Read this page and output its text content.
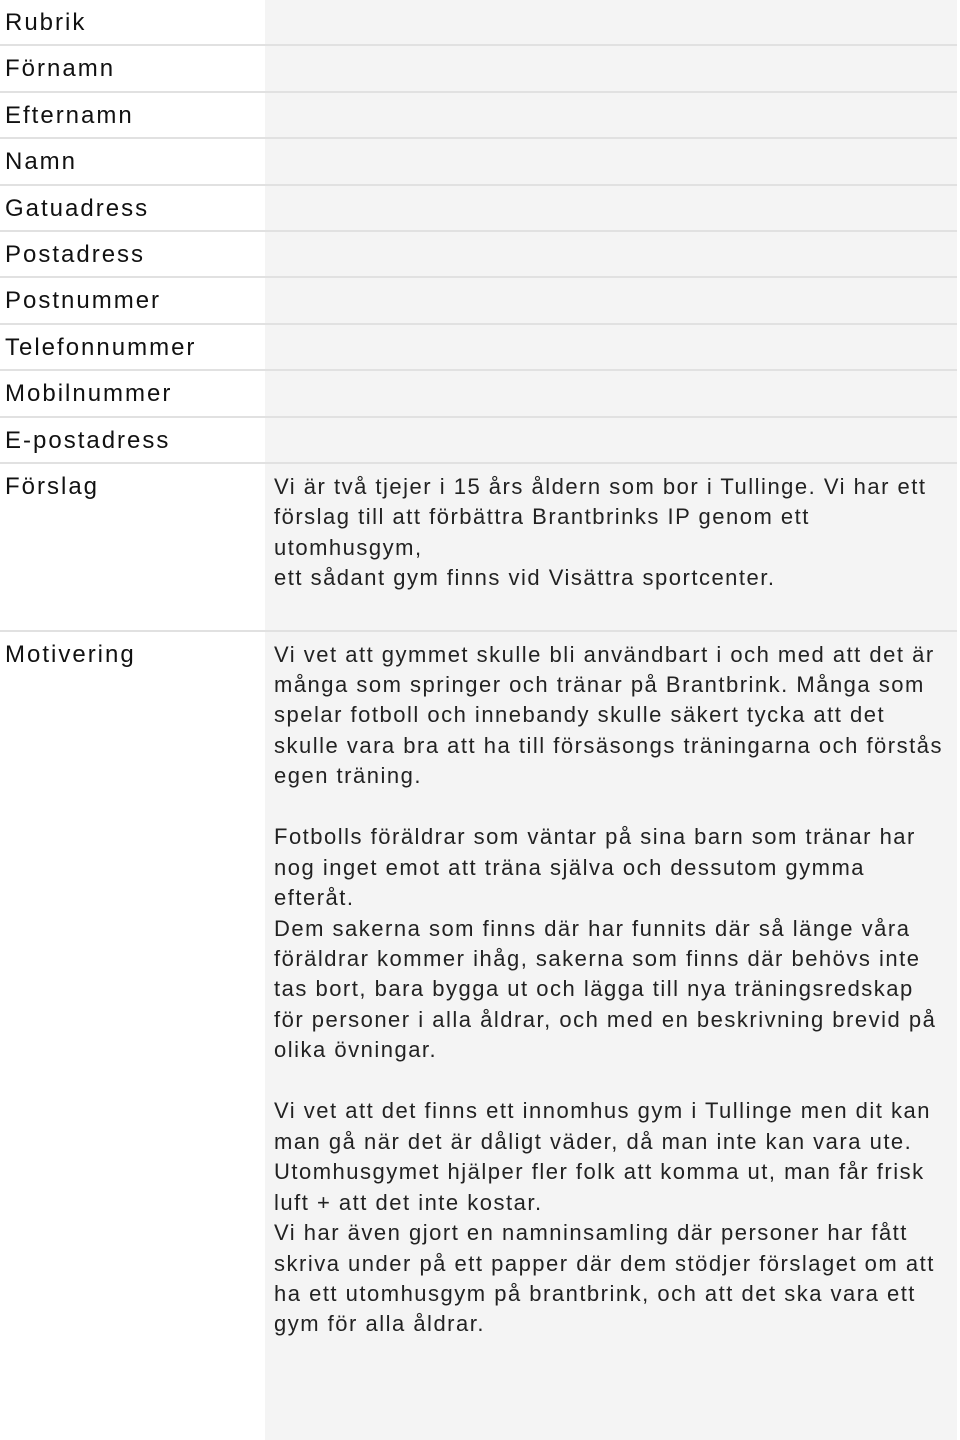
Rubrik
Förnamn
Efternamn
Namn
Gatuadress
Postadress
Postnummer
Telefonnummer
Mobilnummer
E-postadress
Förslag	Vi är två tjejer i 15 års åldern som bor i Tullinge. Vi har ett
förslag till att förbättra Brantbrinks IP genom ett
utomhusgym,
ett sådant gym finns vid Visättra sportcenter.

Motivering	Vi vet att gymmet skulle bli användbart i och med att det är
många som springer och tränar på Brantbrink. Många som
spelar fotboll och innebandy skulle säkert tycka att det
skulle vara bra att ha till försäsongs träningarna och förstås
egen träning.

Fotbolls föräldrar som väntar på sina barn som tränar har
nog inget emot att träna själva och dessutom gymma
efteråt.
Dem sakerna som finns där har funnits där så länge våra
föräldrar kommer ihåg, sakerna som finns där behövs inte
tas bort, bara bygga ut och lägga till nya träningsredskap
för personer i alla åldrar, och med en beskrivning brevid på
olika övningar.

Vi vet att det finns ett innomhus gym i Tullinge men dit kan
man gå när det är dåligt väder, då man inte kan vara ute.
Utomhusgymet hjälper fler folk att komma ut, man får frisk
luft + att det inte kostar.
Vi har även gjort en namninsamling där personer har fått
skriva under på ett papper där dem stödjer förslaget om att
ha ett utomhusgym på brantbrink, och att det ska vara ett
gym för alla åldrar.
